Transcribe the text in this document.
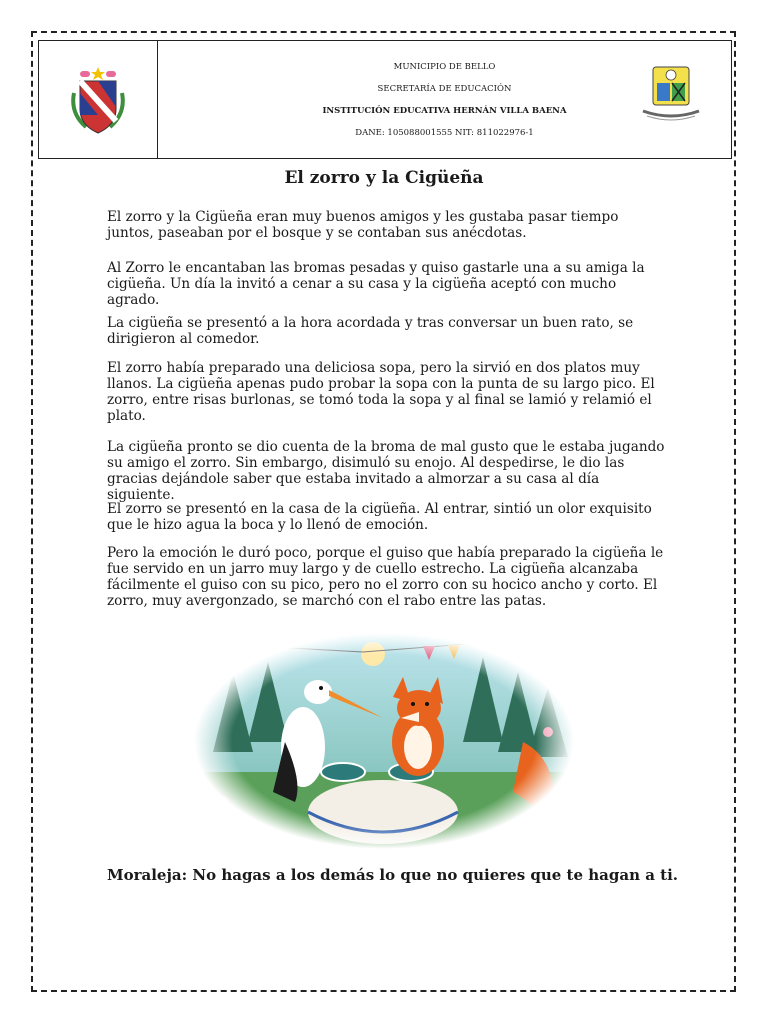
MUNICIPIO DE BELLO
SECRETARÍA DE EDUCACIÓN
INSTITUCIÓN EDUCATIVA HERNÁN VILLA BAENA
DANE: 105088001555 NIT: 811022976-1
El zorro y la Cigüeña

El zorro y la Cigüeña eran muy buenos amigos y les gustaba pasar tiempo juntos, paseaban por el bosque y se contaban sus anécdotas.

Al Zorro le encantaban las bromas pesadas y quiso gastarle una a su amiga la cigüeña. Un día la invitó a cenar a su casa y la cigüeña aceptó con mucho agrado.

La cigüeña se presentó a la hora acordada y tras conversar un buen rato, se dirigieron al comedor.

El zorro había preparado una deliciosa sopa, pero la sirvió en dos platos muy llanos. La cigüeña apenas pudo probar la sopa con la punta de su largo pico. El zorro, entre risas burlonas, se tomó toda la sopa y al final se lamió y relamió el plato.

La cigüeña pronto se dio cuenta de la broma de mal gusto que le estaba jugando su amigo el zorro. Sin embargo, disimuló su enojo. Al despedirse, le dio las gracias dejándole saber que estaba invitado a almorzar a su casa al día siguiente.

El zorro se presentó en la casa de la cigüeña. Al entrar, sintió un olor exquisito que le hizo agua la boca y lo llenó de emoción.

Pero la emoción le duró poco, porque el guiso que había preparado la cigüeña le fue servido en un jarro muy largo y de cuello estrecho. La cigüeña alcanzaba fácilmente el guiso con su pico, pero no el zorro con su hocico ancho y corto. El zorro, muy avergonzado, se marchó con el rabo entre las patas.

Moraleja: No hagas a los demás lo que no quieres que te hagan a ti.
